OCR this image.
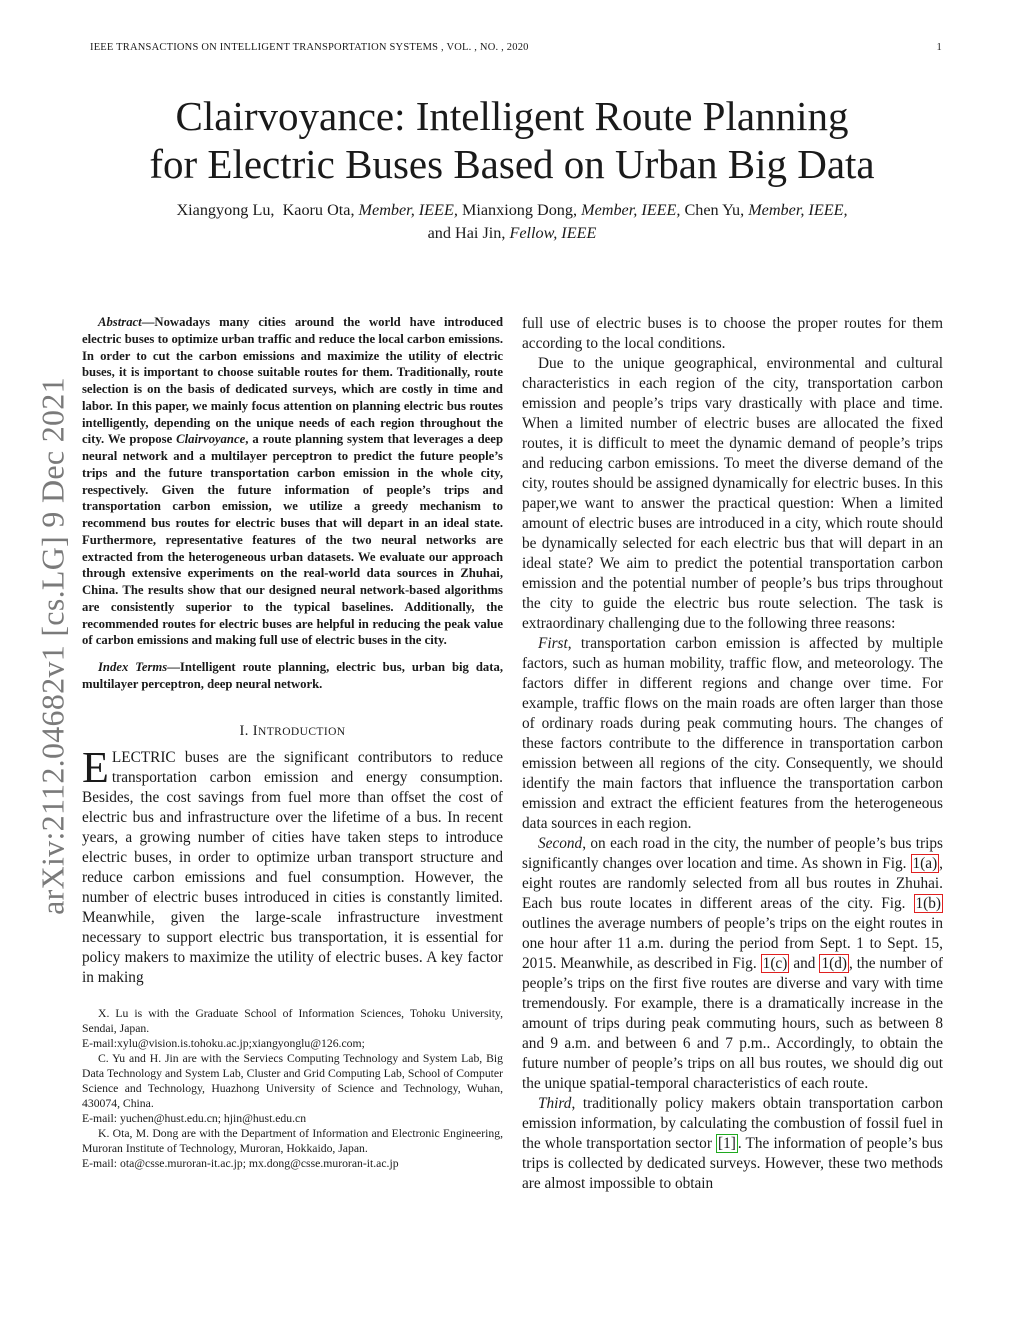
IEEE TRANSACTIONS ON INTELLIGENT TRANSPORTATION SYSTEMS , VOL. , NO. , 2020	1
arXiv:2112.04682v1 [cs.LG] 9 Dec 2021
Clairvoyance: Intelligent Route Planning
for Electric Buses Based on Urban Big Data
Xiangyong Lu, Kaoru Ota, Member, IEEE, Mianxiong Dong, Member, IEEE, Chen Yu, Member, IEEE,
and Hai Jin, Fellow, IEEE

Abstract—Nowadays many cities around the world have introduced electric buses to optimize urban traffic and reduce the local carbon emissions. In order to cut the carbon emissions and maximize the utility of electric buses, it is important to choose suitable routes for them. Traditionally, route selection is on the basis of dedicated surveys, which are costly in time and labor. In this paper, we mainly focus attention on planning electric bus routes intelligently, depending on the unique needs of each region throughout the city. We propose Clairvoyance, a route planning system that leverages a deep neural network and a multilayer perceptron to predict the future people’s trips and the future transportation carbon emission in the whole city, respectively. Given the future information of people’s trips and transportation carbon emission, we utilize a greedy mechanism to recommend bus routes for electric buses that will depart in an ideal state. Furthermore, representative features of the two neural networks are extracted from the heterogeneous urban datasets. We evaluate our approach through extensive experiments on the real-world data sources in Zhuhai, China. The results show that our designed neural network-based algorithms are consistently superior to the typical baselines. Additionally, the recommended routes for electric buses are helpful in reducing the peak value of carbon emissions and making full use of electric buses in the city.

Index Terms—Intelligent route planning, electric bus, urban big data, multilayer perceptron, deep neural network.

I. INTRODUCTION

ELECTRIC buses are the significant contributors to reduce transportation carbon emission and energy consumption. Besides, the cost savings from fuel more than offset the cost of electric bus and infrastructure over the lifetime of a bus. In recent years, a growing number of cities have taken steps to introduce electric buses, in order to optimize urban transport structure and reduce carbon emissions and fuel consumption. However, the number of electric buses introduced in cities is constantly limited. Meanwhile, given the large-scale infrastructure investment necessary to support electric bus transportation, it is essential for policy makers to maximize the utility of electric buses. A key factor in making

X. Lu is with the Graduate School of Information Sciences, Tohoku University, Sendai, Japan.

E-mail:xylu@vision.is.tohoku.ac.jp;xiangyonglu@126.com;

C. Yu and H. Jin are with the Serviecs Computing Technology and System Lab, Big Data Technology and System Lab, Cluster and Grid Computing Lab, School of Computer Science and Technology, Huazhong University of Science and Technology, Wuhan, 430074, China.

E-mail: yuchen@hust.edu.cn; hjin@hust.edu.cn

K. Ota, M. Dong are with the Department of Information and Electronic Engineering, Muroran Institute of Technology, Muroran, Hokkaido, Japan.

E-mail: ota@csse.muroran-it.ac.jp; mx.dong@csse.muroran-it.ac.jp

full use of electric buses is to choose the proper routes for them according to the local conditions.

Due to the unique geographical, environmental and cultural characteristics in each region of the city, transportation carbon emission and people’s trips vary drastically with place and time. When a limited number of electric buses are allocated the fixed routes, it is difficult to meet the dynamic demand of people’s trips and reducing carbon emissions. To meet the diverse demand of the city, routes should be assigned dynamically for electric buses. In this paper,we want to answer the practical question: When a limited amount of electric buses are introduced in a city, which route should be dynamically selected for each electric bus that will depart in an ideal state? We aim to predict the potential transportation carbon emission and the potential number of people’s bus trips throughout the city to guide the electric bus route selection. The task is extraordinary challenging due to the following three reasons:

First, transportation carbon emission is affected by multiple factors, such as human mobility, traffic flow, and meteorology. The factors differ in different regions and change over time. For example, traffic flows on the main roads are often larger than those of ordinary roads during peak commuting hours. The changes of these factors contribute to the difference in transportation carbon emission between all regions of the city. Consequently, we should identify the main factors that influence the transportation carbon emission and extract the efficient features from the heterogeneous data sources in each region.

Second, on each road in the city, the number of people’s bus trips significantly changes over location and time. As shown in Fig. 1(a) , eight routes are randomly selected from all bus routes in Zhuhai. Each bus route locates in different areas of the city. Fig. 1(b) outlines the average numbers of people’s trips on the eight routes in one hour after 11 a.m. during the period from Sept. 1 to Sept. 15, 2015. Meanwhile, as described in Fig. 1(c) and 1(d) , the number of people’s trips on the first five routes are diverse and vary with time tremendously. For example, there is a dramatically increase in the amount of trips during peak commuting hours, such as between 8 and 9 a.m. and between 6 and 7 p.m.. Accordingly, to obtain the future number of people’s trips on all bus routes, we should dig out the unique spatial-temporal characteristics of each route.

Third, traditionally policy makers obtain transportation carbon emission information, by calculating the combustion of fossil fuel in the whole transportation sector [1] . The information of people’s bus trips is collected by dedicated surveys. However, these two methods are almost impossible to obtain
